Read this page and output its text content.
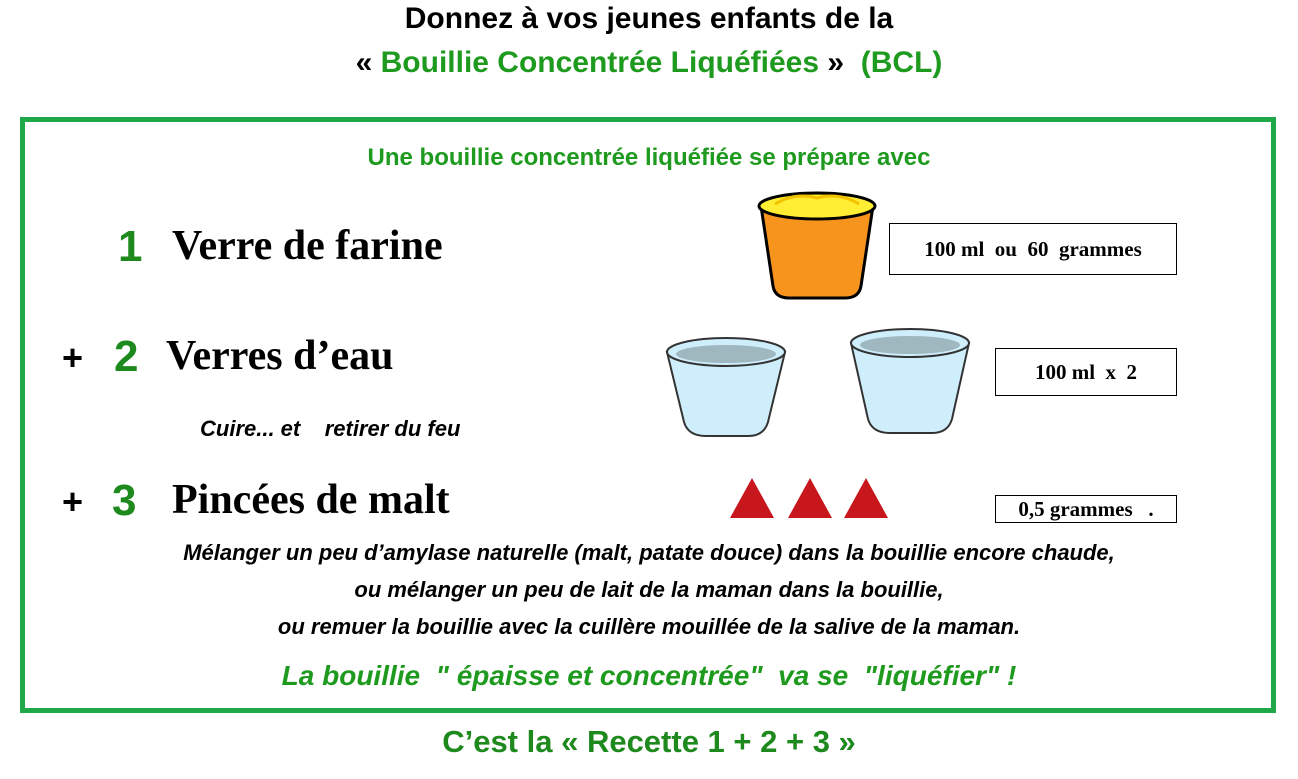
Donnez à vos jeunes enfants de la
« Bouillie Concentrée Liquéfiées »  (BCL)
Une bouillie concentrée liquéfiée se prépare avec
1 Verre de farine	100 ml  ou  60  grammes
+ 2 Verres d’eau	100 ml  x  2
Cuire... et    retirer du feu
+ 3 Pincées de malt	0,5 grammes   .
Mélanger un peu d’amylase naturelle (malt, patate douce) dans la bouillie encore chaude,
ou mélanger un peu de lait de la maman dans la bouillie,
ou remuer la bouillie avec la cuillère mouillée de la salive de la maman.
La bouillie  " épaisse et concentrée"  va se  "liquéfier" !
C’est la « Recette 1 + 2 + 3 »
